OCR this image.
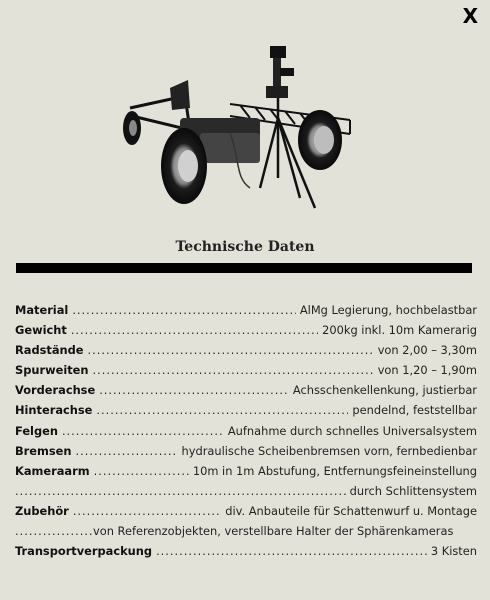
X
Technische Daten
Material .....	AlMg Legierung, hochbelastbar
Gewicht .....	200kg inkl. 10m Kamerarig
Radstände .....	von 2,00 – 3,30m
Spurweiten .....	von 1,20 – 1,90m
Vorderachse .....	Achsschenkellenkung, justierbar
Hinterachse .....	pendelnd, feststellbar
Felgen .....	Aufnahme durch schnelles Universalsystem
Bremsen .....	hydraulische Scheibenbremsen vorn, fernbedienbar
Kameraarm .....	10m in 1m Abstufung, Entfernungsfeineinstellung
.....
durch Schlittensystem
Zubehör .....	div. Anbauteile für Schattenwurf u. Montage
.....
von Referenzobjekten, verstellbare Halter der Sphärenkameras
Transportverpackung .....	3 Kisten
